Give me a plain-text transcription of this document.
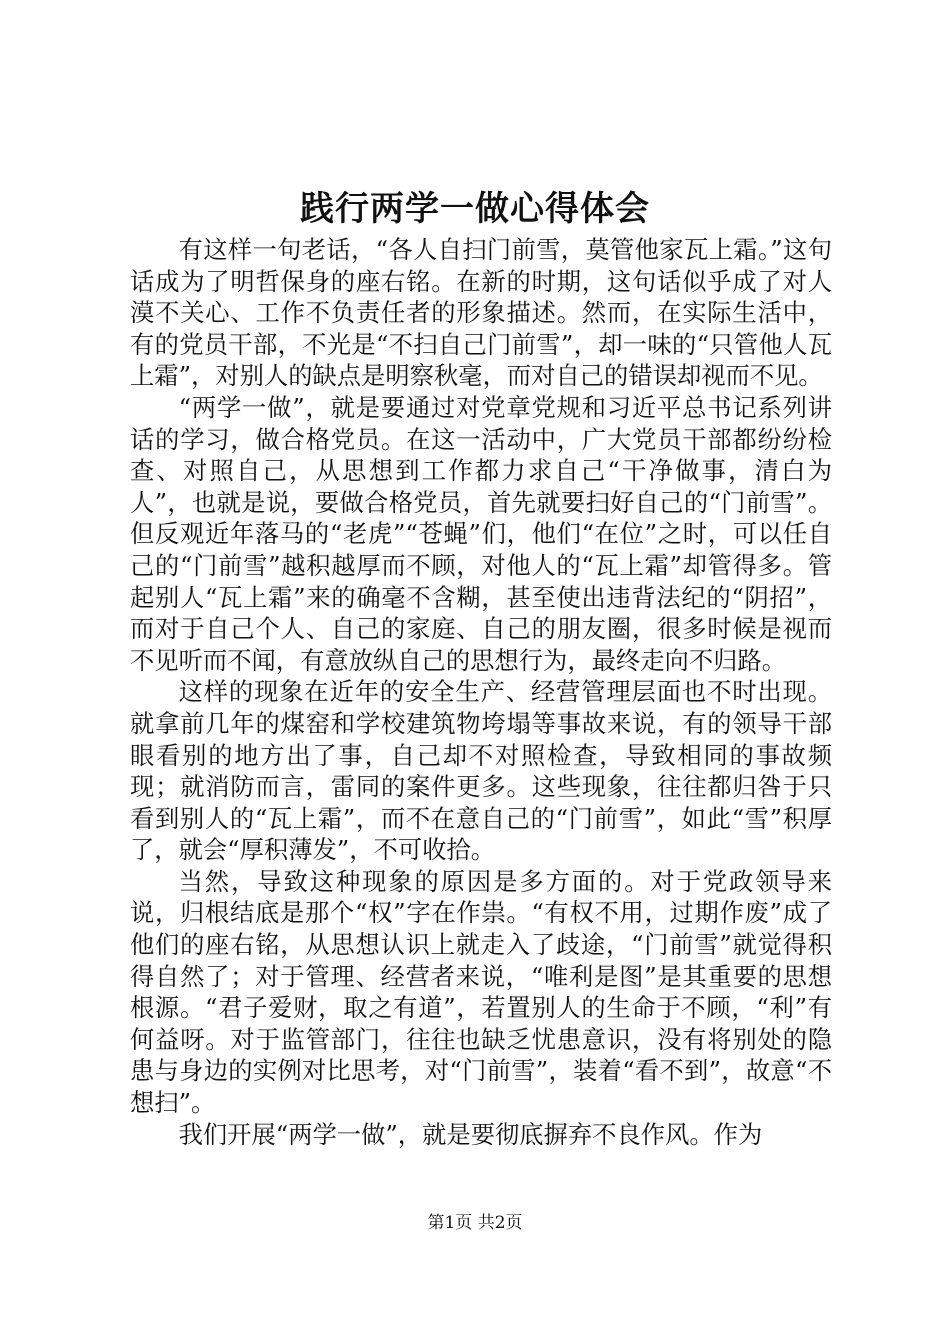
践行两学一做心得体会

有这样一句老话，“各人自扫门前雪，莫管他家瓦上霜。”这句话成为了明哲保身的座右铭。在新的时期，这句话似乎成了对人漠不关心、工作不负责任者的形象描述。然而，在实际生活中，有的党员干部，不光是“不扫自己门前雪”，却一味的“只管他人瓦上霜”，对别人的缺点是明察秋毫，而对自己的错误却视而不见。

“两学一做”，就是要通过对党章党规和习近平总书记系列讲话的学习，做合格党员。在这一活动中，广大党员干部都纷纷检查、对照自己，从思想到工作都力求自己“干净做事，清白为人”，也就是说，要做合格党员，首先就要扫好自己的“门前雪”。但反观近年落马的“老虎”“苍蝇”们，他们“在位”之时，可以任自己的“门前雪”越积越厚而不顾，对他人的“瓦上霜”却管得多。管起别人“瓦上霜”来的确毫不含糊，甚至使出违背法纪的“阴招”，而对于自己个人、自己的家庭、自己的朋友圈，很多时候是视而不见听而不闻，有意放纵自己的思想行为，最终走向不归路。

这样的现象在近年的安全生产、经营管理层面也不时出现。就拿前几年的煤窑和学校建筑物垮塌等事故来说，有的领导干部眼看别的地方出了事，自己却不对照检查，导致相同的事故频现；就消防而言，雷同的案件更多。这些现象，往往都归咎于只看到别人的“瓦上霜”，而不在意自己的“门前雪”，如此“雪”积厚了，就会“厚积薄发”，不可收拾。

当然，导致这种现象的原因是多方面的。对于党政领导来说，归根结底是那个“权”字在作祟。“有权不用，过期作废”成了他们的座右铭，从思想认识上就走入了歧途，“门前雪”就觉得积得自然了；对于管理、经营者来说，“唯利是图”是其重要的思想根源。“君子爱财，取之有道”，若置别人的生命于不顾，“利”有何益呀。对于监管部门，往往也缺乏忧患意识，没有将别处的隐患与身边的实例对比思考，对“门前雪”，装着“看不到”，故意“不想扫”。

我们开展“两学一做”，就是要彻底摒弃不良作风。作为

第1页 共2页
